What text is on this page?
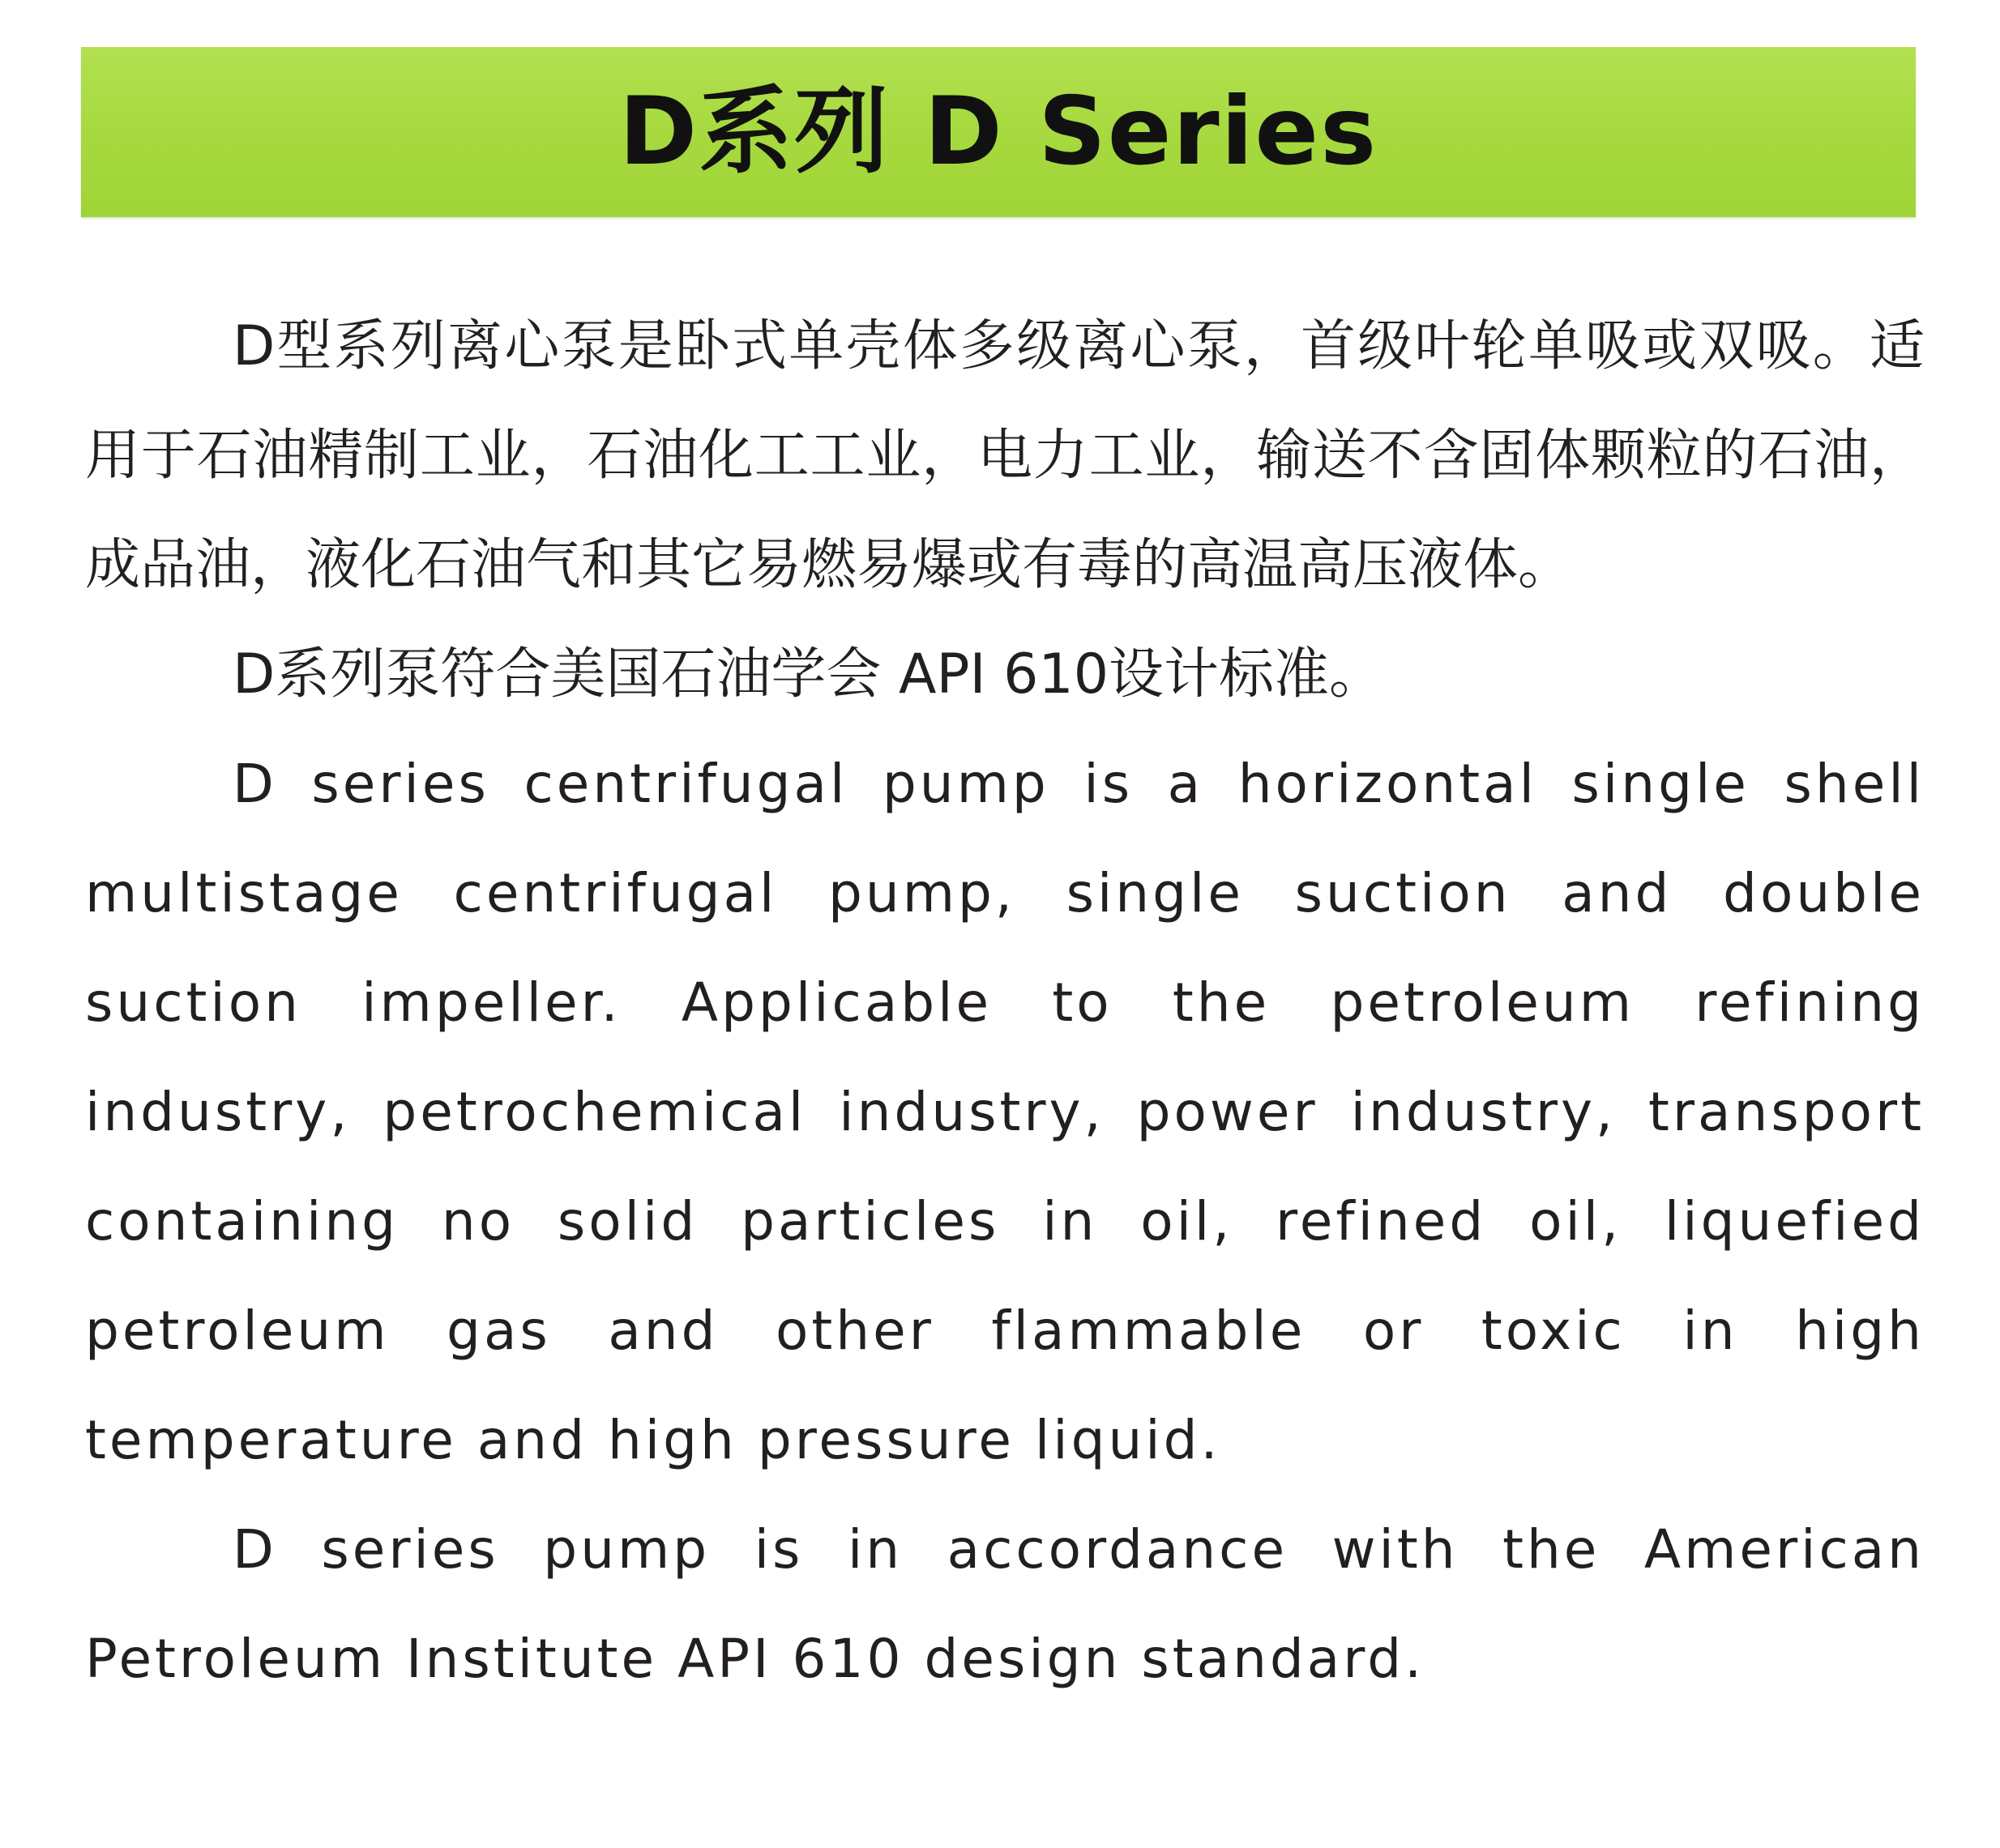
D系列 D Series

D型系列离心泵是卧式单壳体多级离心泵，首级叶轮单吸或双吸。适用于石油精制工业，石油化工工业，电力工业，输送不含固体颗粒的石油，成品油，液化石油气和其它易燃易爆或有毒的高温高压液体。

D系列泵符合美国石油学会 API 610设计标准。

D series centrifugal pump is a horizontal single shell multistage centrifugal pump, single suction and double suction impeller. Applicable to the petroleum refining industry, petrochemical industry, power industry, transport containing no solid particles in oil, refined oil, liquefied petroleum gas and other flammable or toxic in high temperature and high pressure liquid.

D series pump is in accordance with the American Petroleum Institute API 610 design standard.
